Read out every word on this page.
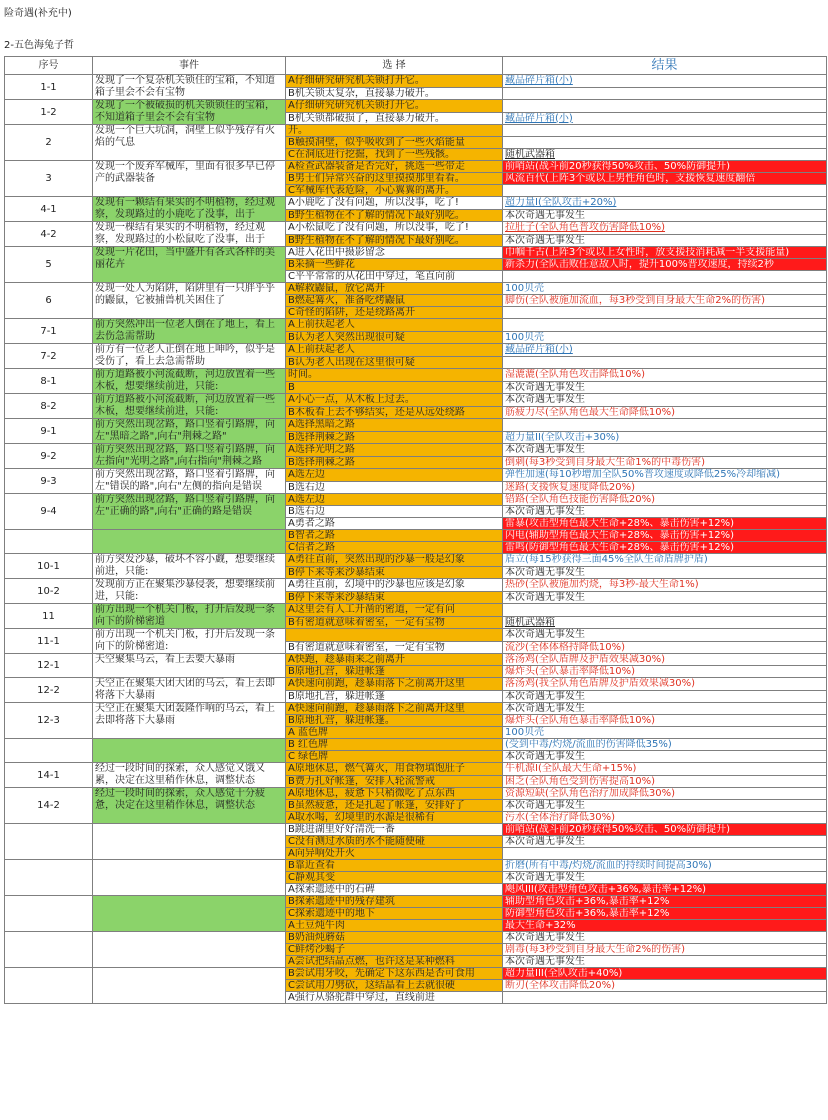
险奇遇(补充中)
2-五色海兔子哲
序号	事件	选 择	结果
1-1	发现了一个复杂机关锁住的宝箱，不知道箱子里会不会有宝物	A仔细研究研究机关锁打开它。	藏品碎片箱(小)
		B机关锁太复杂，直接暴力破开。	
1-2	发现了一个被破损的机关锁锁住的宝箱，不知道箱子里会不会有宝物	A仔细研究研究机关锁打开它。	
		B机关锁都破损了，直接暴力破开。	藏品碎片箱(小)
2	发现一个巨大坑洞，洞壁上似乎残存有火焰的气息	开。	
		B触摸洞壁，似乎吸收到了一些火焰能量	
		C在洞底进行挖掘，找到了一些残骸。	随机武器箱
3	发现一个废弃军械库，里面有很多早已停产的武器装备	A检查武器装备是否完好，挑选一些带走	前哨站(战斗前20秒获得50%攻击、50%防御提升)
		B男士们异常兴奋的这里摸摸那里看看。	风流百代(上阵3个或以上男性角色时，支援恢复速度翻倍
		C军械库代表危险，小心翼翼的离开。	
4-1	发现有一颗结有果实的不明植物，经过观察，发现路过的小鹿吃了没事，出于	A小鹿吃了没有问题，所以没事，吃了!	超力量I(全队攻击+20%)
		B野生植物在不了解的情况下最好别吃。	本次奇遇无事发生
4-2	发现一棵结有果实的不明植物，经过观察，发现路过的小松鼠吃了没事，出于	A小松鼠吃了没有问题，所以没事，吃了!	拉肚子(全队角色普攻伤害降低10%)
		B野生植物在不了解的情况下最好别吃。	本次奇遇无事发生
5	发现一片花田，当中盛开有各式各样的美丽花卉	A进入花田中摄影留念	巾帼千古(上阵3个或以上女性时，放支援技消耗减一半支援能量)
		B采摘一些鲜花	新杀力(全队击败任意敌人时，提升100%普攻速度，持续2秒
		C平平常常的从花田中穿过，笔直向前	
6	发现一处人为陷阱，陷阱里有一只胖乎乎的鼹鼠，它被捕兽机关困住了	A解救鼹鼠，放它离开	100贝壳
		B燃起篝火，准备吃烤鼹鼠	脚伤(全队被施加流血，每3秒受到自身最大生命2%的伤害)
		C奇怪的陷阱，还是绕路离开	
7-1	前方突然冲出一位老人倒在了地上，看上去伤急需帮助	A上前扶起老人	
		B认为老人突然出现很可疑	100贝壳
7-2	前方有一位老人正倒在地上呻吟，似乎是受伤了，看上去急需帮助	A上前扶起老人	藏品碎片箱(小)
		B认为老人出现在这里很可疑	
8-1	前方道路被小河流截断，河边放置着一些木板，想要继续前进，只能:	时间。	湿漉漉(全队角色攻击降低10%)
		B	本次奇遇无事发生
8-2	前方道路被小河流截断，河边放置着一些木板，想要继续前进，只能:	A小心一点，从木板上过去。	本次奇遇无事发生
		B木板看上去不够结实，还是从远处绕路	筋疲力尽(全队角色最大生命降低10%)
9-1	前方突然出现岔路，路口竖着引路牌，向左"黑暗之路",向右"荆棘之路"	A选择黑暗之路	
		B选择荆棘之路	超力量II(全队攻击+30%)
9-2	前方突然出现岔路，路口竖着引路牌，向左指向"光明之路",向右指向"荆棘之路	A选择光明之路	本次奇遇无事发生
		B选择荆棘之路	倒刺(每3秒受到自身最大生命1%的中毒伤害)
9-3	前方突然出现岔路，路口竖着引路牌，向左"错误的路",向右"左侧的指向是错误	A选左边	弹性加速(每10秒增加全队50%普攻速度或降低25%冷却缩减)
		B选右边	迷路(支援恢复速度降低20%)
9-4	前方突然出现岔路，路口竖着引路牌，向左"正确的路",向右"正确的路是错误	A选左边	错路(全队角色技能伤害降低20%)
		B选右边	本次奇遇无事发生
		A勇者之路	雷暴(攻击型角色最大生命+28%、暴击伤害+12%)
		B智者之路	闪电(辅助型角色最大生命+28%、暴击伤害+12%)
		C信者之路	雷鸣(防御型角色最大生命+28%、暴击伤害+12%)
10-1	前方突发沙暴，破坏不容小觑，想要继续前进，只能:	A勇往直前，突然出现的沙暴一般是幻象	盾立(每15秒获得三面45%全队生命盾牌护盾)
		B停下来等来沙暴结束	本次奇遇无事发生
10-2	发现前方正在聚集沙暴侵袭，想要继续前进，只能:	A勇往直前，幻境中的沙暴也应该是幻象	热砂(全队被施加灼烧，每3秒-最大生命1%)
		B停下来等来沙暴结束	本次奇遇无事发生
11	前方出现一个机关门板，打开后发现一条向下的阶梯密道	A这里会有人工开凿的密道，一定有问	
		B有密道就意味着密室，一定有宝物	随机武器箱
11-1	前方出现一个机关门板，打开后发现一条向下的阶梯密道:		本次奇遇无事发生
		B有密道就意味着密室，一定有宝物	流沙(全体体格持降低10%)
12-1	天空聚集乌云，看上去要大暴雨	A快跑，趁暴雨来之前离开	落汤鸡(全队盾牌及护盾效果减30%)
		B原地扎营，躲进帐篷	爆炸头(全队暴击率降低10%)
12-2	天空正在聚集大团大团的乌云，看上去即将落下大暴雨	A快速向前跑，趁暴雨落下之前离开这里	落汤鸡(我全队角色盾牌及护盾效果减30%)
		B原地扎营，躲进帐篷	本次奇遇无事发生
12-3	天空正在聚集大团轰隆作响的乌云，看上去即将落下大暴雨	A快速向前跑，趁暴雨落下之前离开这里	本次奇遇无事发生
		B原地扎营，躲进帐篷。	爆炸头(全队角色暴击率降低10%)
		A 蓝色牌	100贝壳
		B 红色牌	(受到中毒/灼烧/流血的伤害降低35%)
		C 绿色牌	本次奇遇无事发生
14-1	经过一段时间的探索，众人感觉又饿又累，决定在这里稍作休息，调整状态	A原地休息，燃气篝火，用食物填饱肚子	牛机源I(全队最大生命+15%)
		B费力扎好帐篷，安排人轮流警戒	困乏(全队角色受到伤害提高10%)
14-2	经过一段时间的探索，众人感觉十分疲惫，决定在这里稍作休息，调整状态	A原地休息，疲惫下只稍微吃了点东西	资源短缺(全队角色治疗加成降低30%)
		B虽然疲惫，还是扎起了帐篷，安排好了	本次奇遇无事发生
		A取水喝，幻境里的水源是很稀有	污水(全体治疗降低30%)
		B跳进湖里好好清洗一番	前哨站(战斗前20秒获得50%攻击、50%防御提升)
		C没有测过水质的水不能随便碰	本次奇遇无事发生
		A向异响处开火	
		B靠近查看	折磨(所有中毒/灼烧/流血的持续时间提高30%)
		C静观其变	本次奇遇无事发生
		A探索遗迹中的石碑	飓风III(攻击型角色攻击+36%,暴击率+12%)
		B探索遗迹中的残存建筑	辅助型角色攻击+36%,暴击率+12%
		C探索遗迹中的地下	防御型角色攻击+36%,暴击率+12%
		A土豆炖牛肉	最大生命+32%
		B奶油炖蘑菇	本次奇遇无事发生
		C鲜烤沙蝎子	剧毒(每3秒受到自身最大生命2%的伤害)
		A尝试把结晶点燃，也许这是某种燃料	本次奇遇无事发生
		B尝试用牙咬，先确定下这东西是否可食用	超力量III(全队攻击+40%)
		C尝试用刀劈砍，这结晶看上去就很硬	断刃(全体攻击降低20%)
		A强行从骆驼群中穿过，直线前进	
